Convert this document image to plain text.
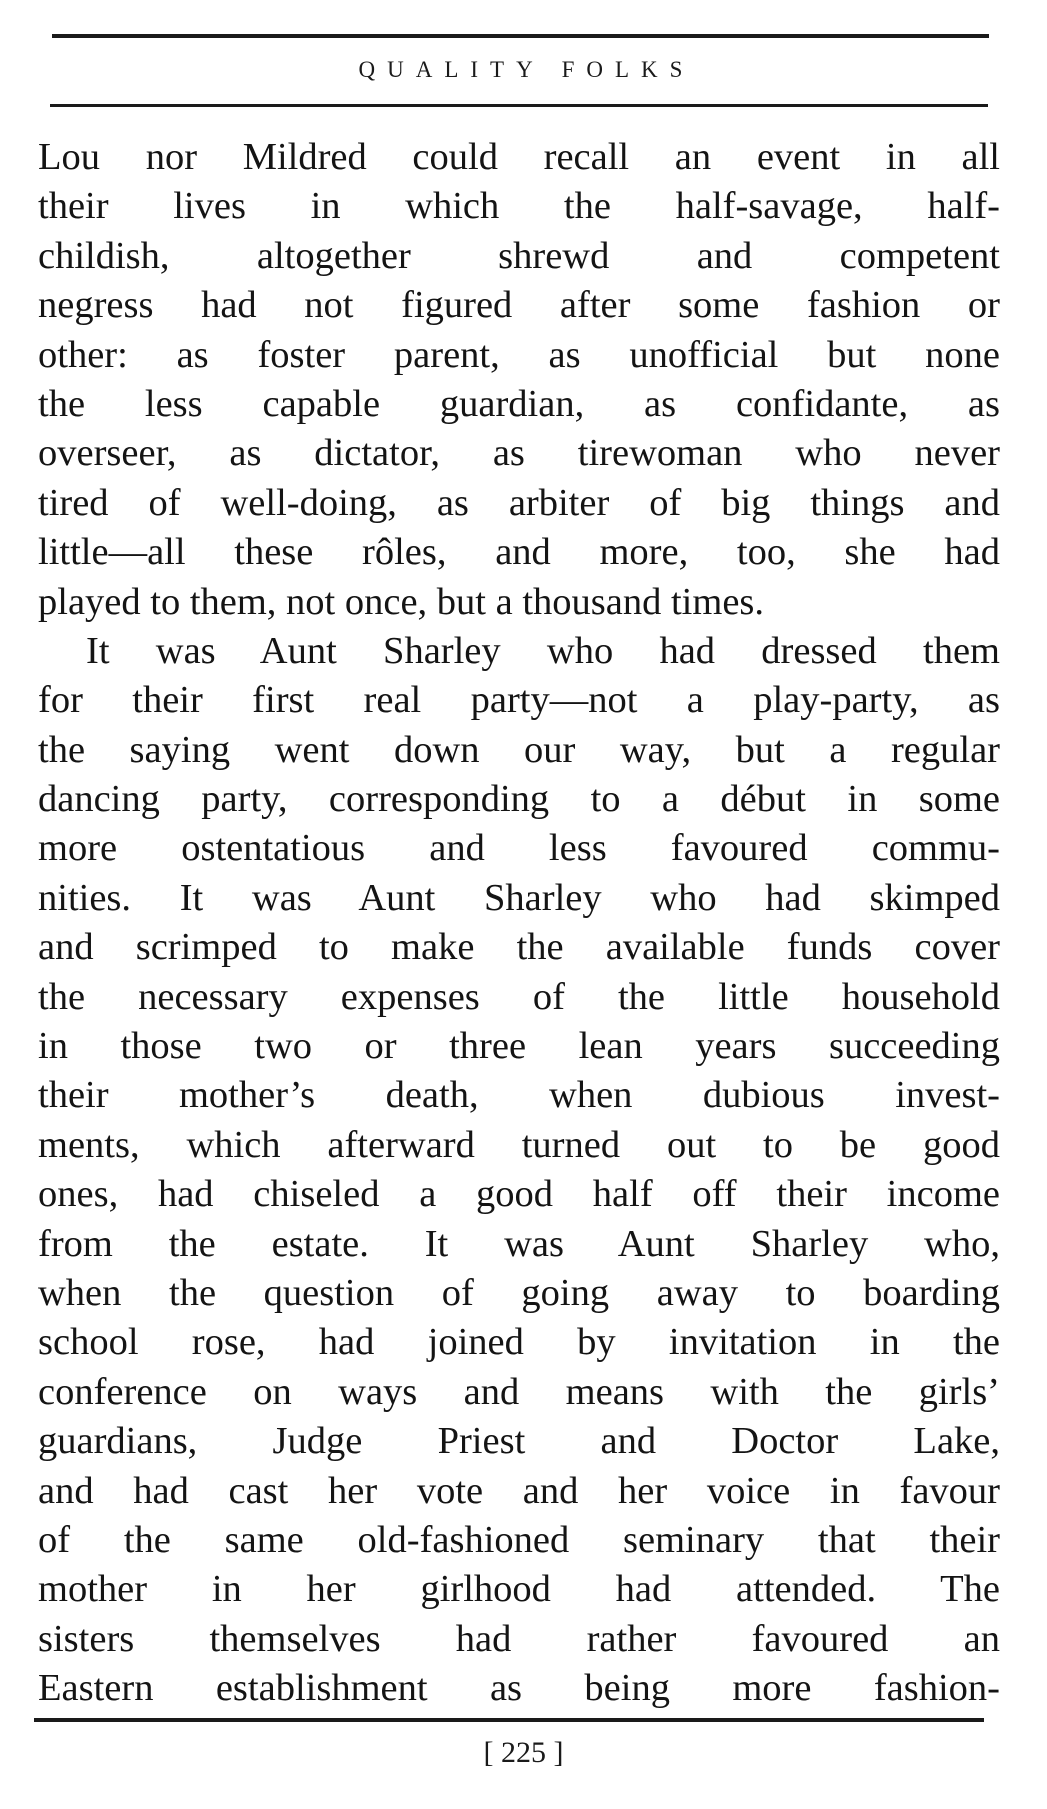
QUALITY FOLKS
Lou nor Mildred could recall an event in all
their lives in which the half-savage, half-
childish, altogether shrewd and competent
negress had not figured after some fashion or
other: as foster parent, as unofficial but none
the less capable guardian, as confidante, as
overseer, as dictator, as tirewoman who never
tired of well-doing, as arbiter of big things and
little—all these rôles, and more, too, she had
played to them, not once, but a thousand times.
It was Aunt Sharley who had dressed them
for their first real party—not a play-party, as
the saying went down our way, but a regular
dancing party, corresponding to a début in some
more ostentatious and less favoured commu-
nities. It was Aunt Sharley who had skimped
and scrimped to make the available funds cover
the necessary expenses of the little household
in those two or three lean years succeeding
their mother’s death, when dubious invest-
ments, which afterward turned out to be good
ones, had chiseled a good half off their income
from the estate. It was Aunt Sharley who,
when the question of going away to boarding
school rose, had joined by invitation in the
conference on ways and means with the girls’
guardians, Judge Priest and Doctor Lake,
and had cast her vote and her voice in favour
of the same old-fashioned seminary that their
mother in her girlhood had attended. The
sisters themselves had rather favoured an
Eastern establishment as being more fashion-
[ 225 ]
